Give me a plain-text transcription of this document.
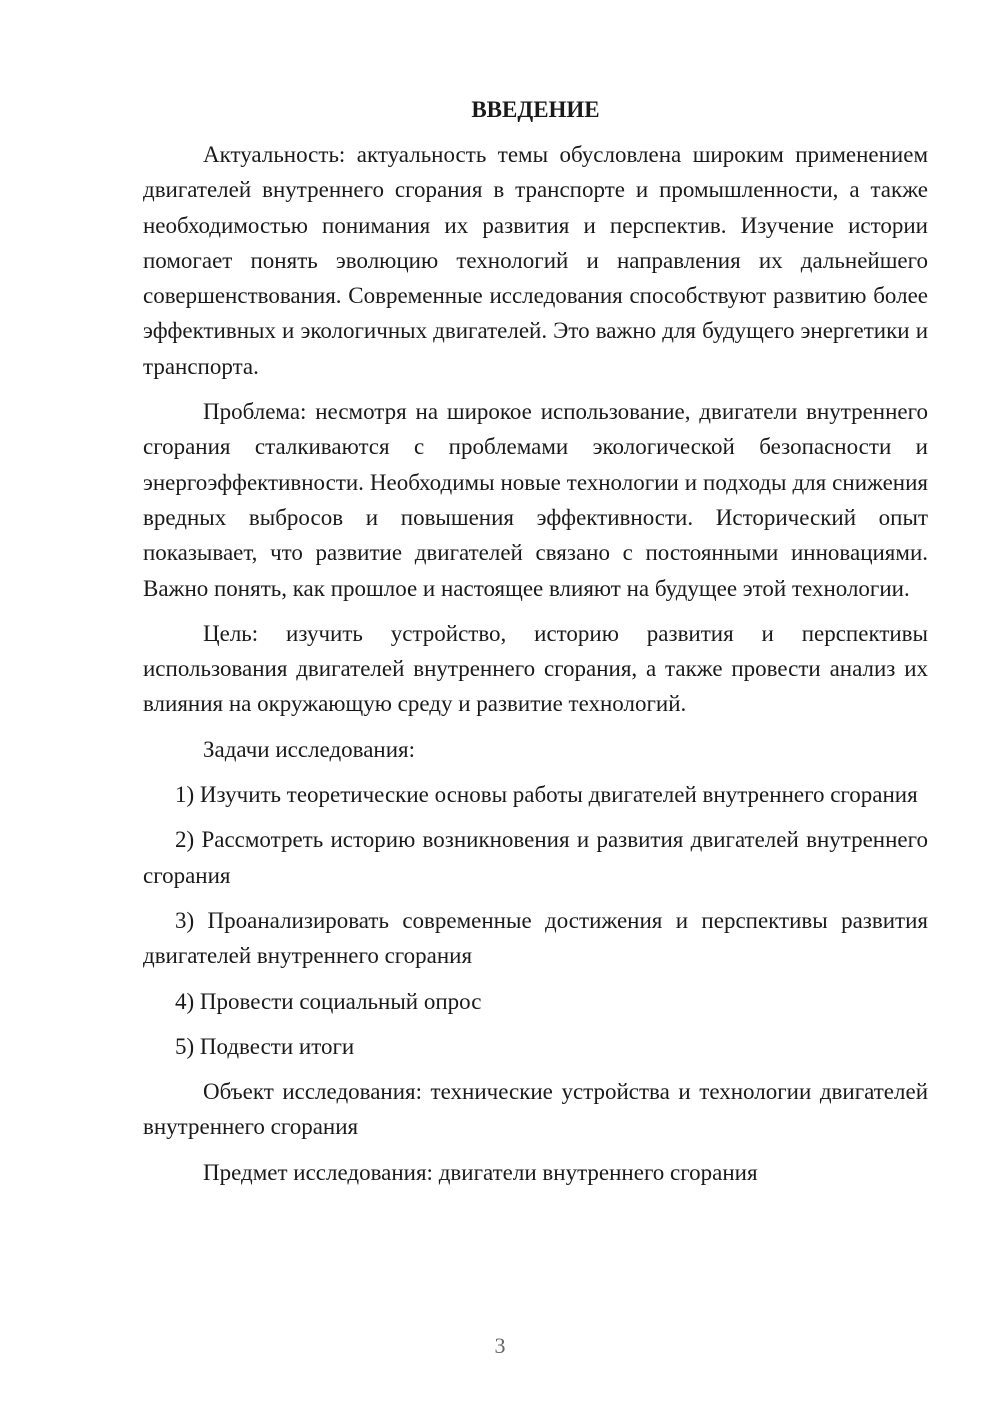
ВВЕДЕНИЕ

Актуальность: актуальность темы обусловлена широким применением двигателей внутреннего сгорания в транспорте и промышленности, а также необходимостью понимания их развития и перспектив. Изучение истории помогает понять эволюцию технологий и направления их дальнейшего совершенствования. Современные исследования способствуют развитию более эффективных и экологичных двигателей. Это важно для будущего энергетики и транспорта.

Проблема: несмотря на широкое использование, двигатели внутреннего сгорания сталкиваются с проблемами экологической безопасности и энергоэффективности. Необходимы новые технологии и подходы для снижения вредных выбросов и повышения эффективности. Исторический опыт показывает, что развитие двигателей связано с постоянными инновациями. Важно понять, как прошлое и настоящее влияют на будущее этой технологии.

Цель: изучить устройство, историю развития и перспективы использования двигателей внутреннего сгорания, а также провести анализ их влияния на окружающую среду и развитие технологий.

Задачи исследования:

1) Изучить теоретические основы работы двигателей внутреннего сгорания

2) Рассмотреть историю возникновения и развития двигателей внутреннего сгорания

3) Проанализировать современные достижения и перспективы развития двигателей внутреннего сгорания

4) Провести социальный опрос

5) Подвести итоги

Объект исследования: технические устройства и технологии двигателей внутреннего сгорания

Предмет исследования: двигатели внутреннего сгорания

3
